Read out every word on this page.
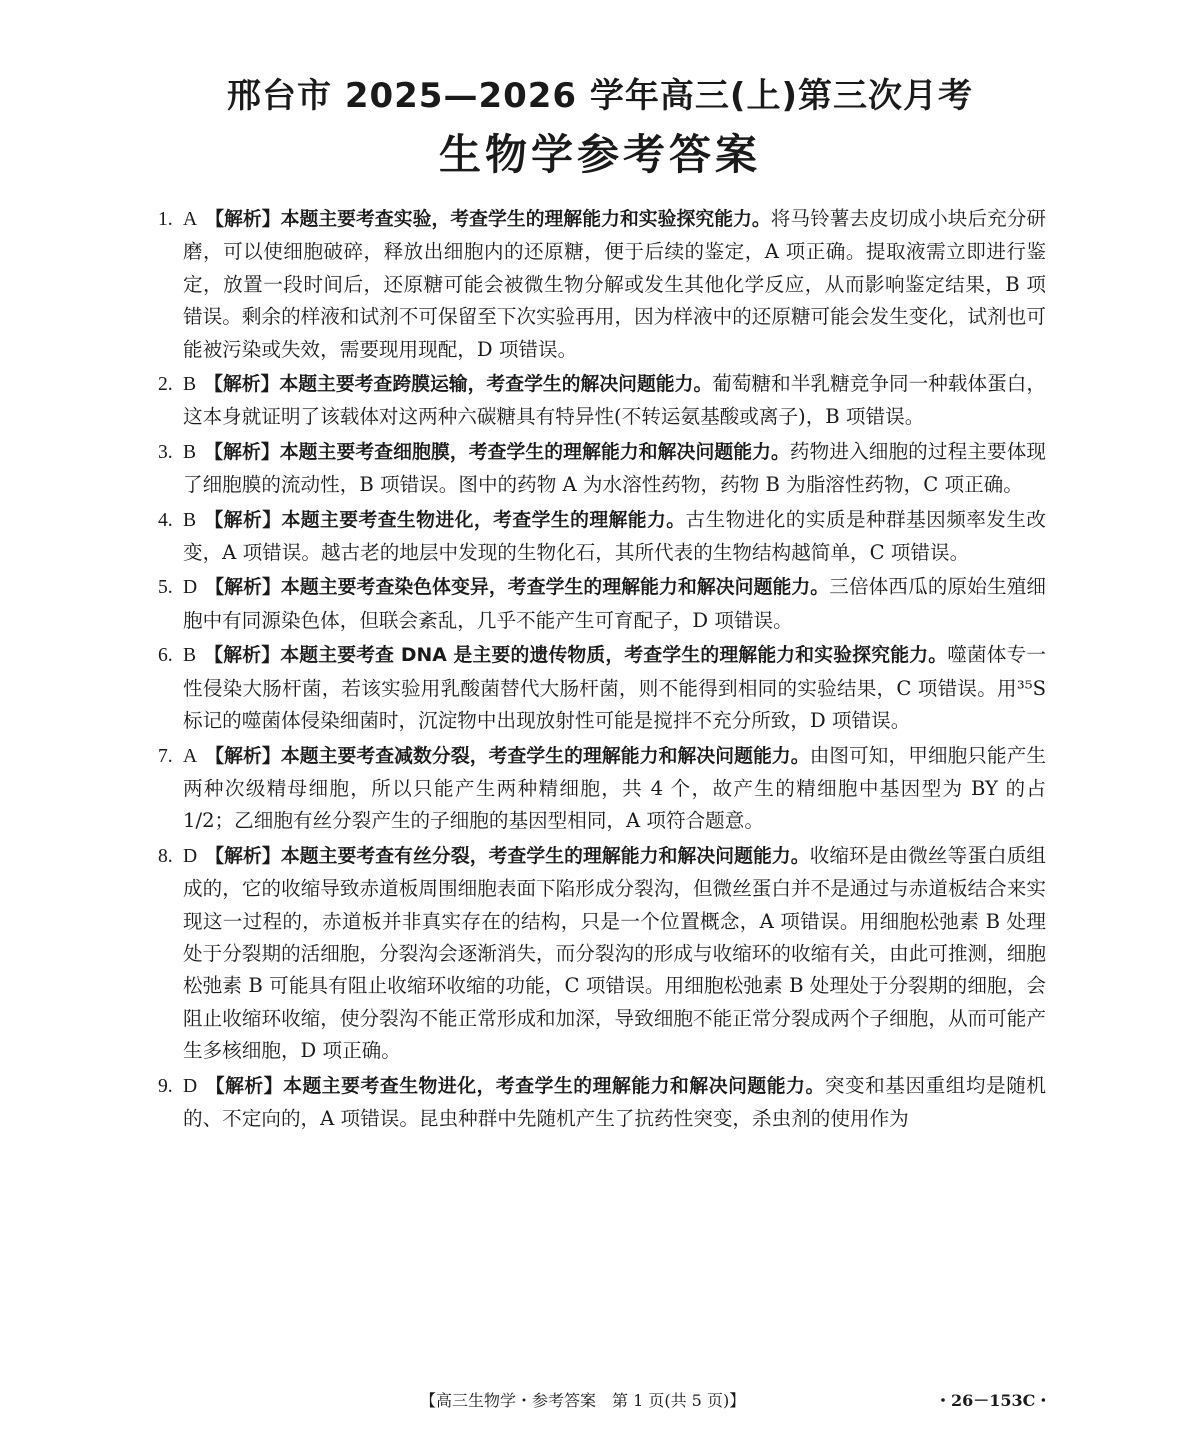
邢台市 2025—2026 学年高三(上)第三次月考
生物学参考答案
1. A 【解析】本题主要考查实验，考查学生的理解能力和实验探究能力。将马铃薯去皮切成小块后充分研磨，可以使细胞破碎，释放出细胞内的还原糖，便于后续的鉴定，A 项正确。提取液需立即进行鉴定，放置一段时间后，还原糖可能会被微生物分解或发生其他化学反应，从而影响鉴定结果，B 项错误。剩余的样液和试剂不可保留至下次实验再用，因为样液中的还原糖可能会发生变化，试剂也可能被污染或失效，需要现用现配，D 项错误。
2. B 【解析】本题主要考查跨膜运输，考查学生的解决问题能力。葡萄糖和半乳糖竞争同一种载体蛋白，这本身就证明了该载体对这两种六碳糖具有特异性(不转运氨基酸或离子)，B 项错误。
3. B 【解析】本题主要考查细胞膜，考查学生的理解能力和解决问题能力。药物进入细胞的过程主要体现了细胞膜的流动性，B 项错误。图中的药物 A 为水溶性药物，药物 B 为脂溶性药物，C 项正确。
4. B 【解析】本题主要考查生物进化，考查学生的理解能力。古生物进化的实质是种群基因频率发生改变，A 项错误。越古老的地层中发现的生物化石，其所代表的生物结构越简单，C 项错误。
5. D 【解析】本题主要考查染色体变异，考查学生的理解能力和解决问题能力。三倍体西瓜的原始生殖细胞中有同源染色体，但联会紊乱，几乎不能产生可育配子，D 项错误。
6. B 【解析】本题主要考查 DNA 是主要的遗传物质，考查学生的理解能力和实验探究能力。噬菌体专一性侵染大肠杆菌，若该实验用乳酸菌替代大肠杆菌，则不能得到相同的实验结果，C 项错误。用³⁵S 标记的噬菌体侵染细菌时，沉淀物中出现放射性可能是搅拌不充分所致，D 项错误。
7. A 【解析】本题主要考查减数分裂，考查学生的理解能力和解决问题能力。由图可知，甲细胞只能产生两种次级精母细胞，所以只能产生两种精细胞，共 4 个，故产生的精细胞中基因型为 BY 的占 1/2；乙细胞有丝分裂产生的子细胞的基因型相同，A 项符合题意。
8. D 【解析】本题主要考查有丝分裂，考查学生的理解能力和解决问题能力。收缩环是由微丝等蛋白质组成的，它的收缩导致赤道板周围细胞表面下陷形成分裂沟，但微丝蛋白并不是通过与赤道板结合来实现这一过程的，赤道板并非真实存在的结构，只是一个位置概念，A 项错误。用细胞松弛素 B 处理处于分裂期的活细胞，分裂沟会逐渐消失，而分裂沟的形成与收缩环的收缩有关，由此可推测，细胞松弛素 B 可能具有阻止收缩环收缩的功能，C 项错误。用细胞松弛素 B 处理处于分裂期的细胞，会阻止收缩环收缩，使分裂沟不能正常形成和加深，导致细胞不能正常分裂成两个子细胞，从而可能产生多核细胞，D 项正确。
9. D 【解析】本题主要考查生物进化，考查学生的理解能力和解决问题能力。突变和基因重组均是随机的、不定向的，A 项错误。昆虫种群中先随机产生了抗药性突变，杀虫剂的使用作为
【高三生物学・参考答案　第 1 页(共 5 页)】	・26－153C・
